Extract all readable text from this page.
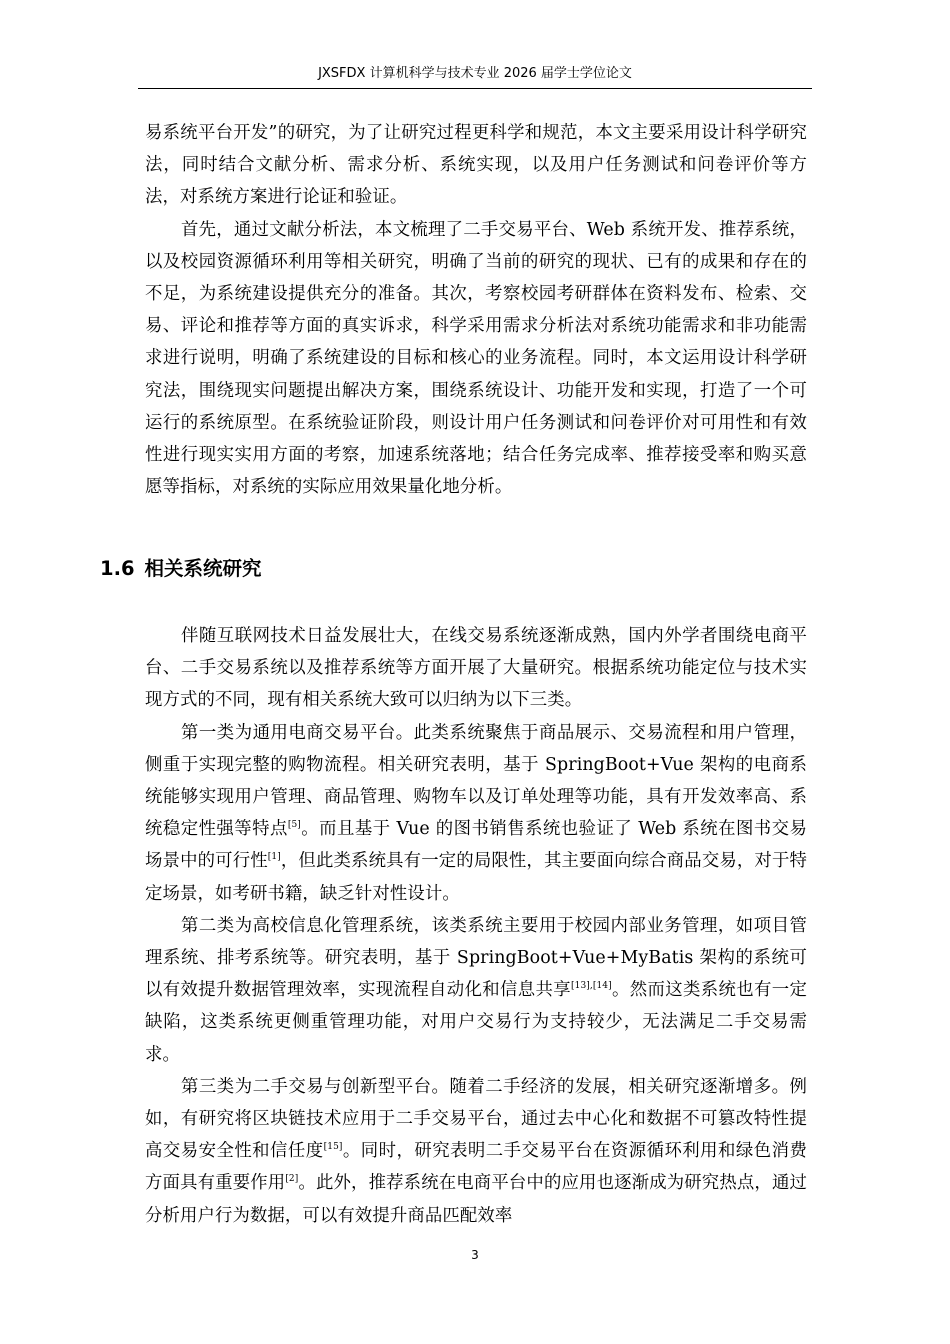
JXSFDX 计算机科学与技术专业 2026 届学士学位论文

易系统平台开发”的研究，为了让研究过程更科学和规范，本文主要采用设计科学研究法，同时结合文献分析、需求分析、系统实现，以及用户任务测试和问卷评价等方法，对系统方案进行论证和验证。

首先，通过文献分析法，本文梳理了二手交易平台、Web 系统开发、推荐系统，以及校园资源循环利用等相关研究，明确了当前的研究的现状、已有的成果和存在的不足，为系统建设提供充分的准备。其次，考察校园考研群体在资料发布、检索、交易、评论和推荐等方面的真实诉求，科学采用需求分析法对系统功能需求和非功能需求进行说明，明确了系统建设的目标和核心的业务流程。同时，本文运用设计科学研究法，围绕现实问题提出解决方案，围绕系统设计、功能开发和实现，打造了一个可运行的系统原型。在系统验证阶段，则设计用户任务测试和问卷评价对可用性和有效性进行现实实用方面的考察，加速系统落地；结合任务完成率、推荐接受率和购买意愿等指标，对系统的实际应用效果量化地分析。

1.6 相关系统研究

伴随互联网技术日益发展壮大，在线交易系统逐渐成熟，国内外学者围绕电商平台、二手交易系统以及推荐系统等方面开展了大量研究。根据系统功能定位与技术实现方式的不同，现有相关系统大致可以归纳为以下三类。

第一类为通用电商交易平台。此类系统聚焦于商品展示、交易流程和用户管理，侧重于实现完整的购物流程。相关研究表明，基于 SpringBoot+Vue 架构的电商系统能够实现用户管理、商品管理、购物车以及订单处理等功能，具有开发效率高、系统稳定性强等特点[5]。而且基于 Vue 的图书销售系统也验证了 Web 系统在图书交易场景中的可行性[1]，但此类系统具有一定的局限性，其主要面向综合商品交易，对于特定场景，如考研书籍，缺乏针对性设计。

第二类为高校信息化管理系统，该类系统主要用于校园内部业务管理，如项目管理系统、排考系统等。研究表明，基于 SpringBoot+Vue+MyBatis 架构的系统可以有效提升数据管理效率，实现流程自动化和信息共享[13],[14]。然而这类系统也有一定缺陷，这类系统更侧重管理功能，对用户交易行为支持较少，无法满足二手交易需求。

第三类为二手交易与创新型平台。随着二手经济的发展，相关研究逐渐增多。例如，有研究将区块链技术应用于二手交易平台，通过去中心化和数据不可篡改特性提高交易安全性和信任度[15]。同时，研究表明二手交易平台在资源循环利用和绿色消费方面具有重要作用[2]。此外，推荐系统在电商平台中的应用也逐渐成为研究热点，通过分析用户行为数据，可以有效提升商品匹配效率

3
